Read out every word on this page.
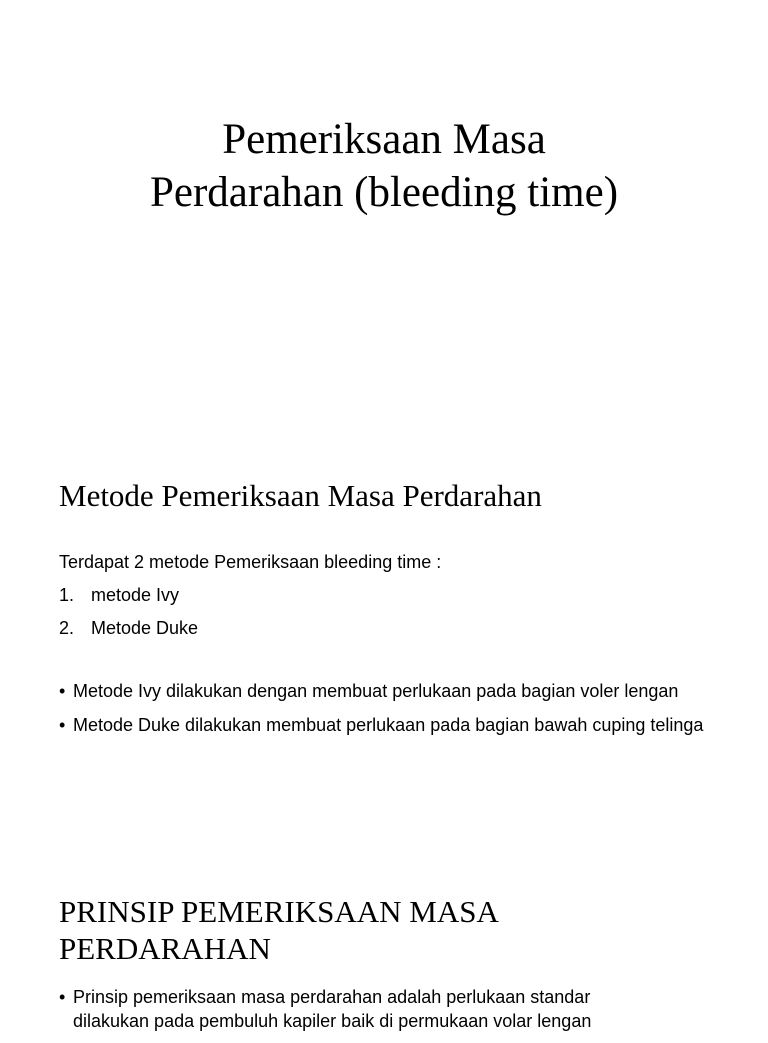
Pemeriksaan Masa
Perdarahan (bleeding time)
Metode Pemeriksaan Masa Perdarahan
Terdapat 2 metode Pemeriksaan bleeding time :
1. metode Ivy
2. Metode Duke
• Metode Ivy dilakukan dengan membuat perlukaan pada bagian voler lengan
• Metode Duke dilakukan membuat perlukaan pada bagian bawah cuping telinga
PRINSIP PEMERIKSAAN MASA
PERDARAHAN
• Prinsip pemeriksaan masa perdarahan adalah perlukaan standar dilakukan pada pembuluh kapiler baik di permukaan volar lengan
